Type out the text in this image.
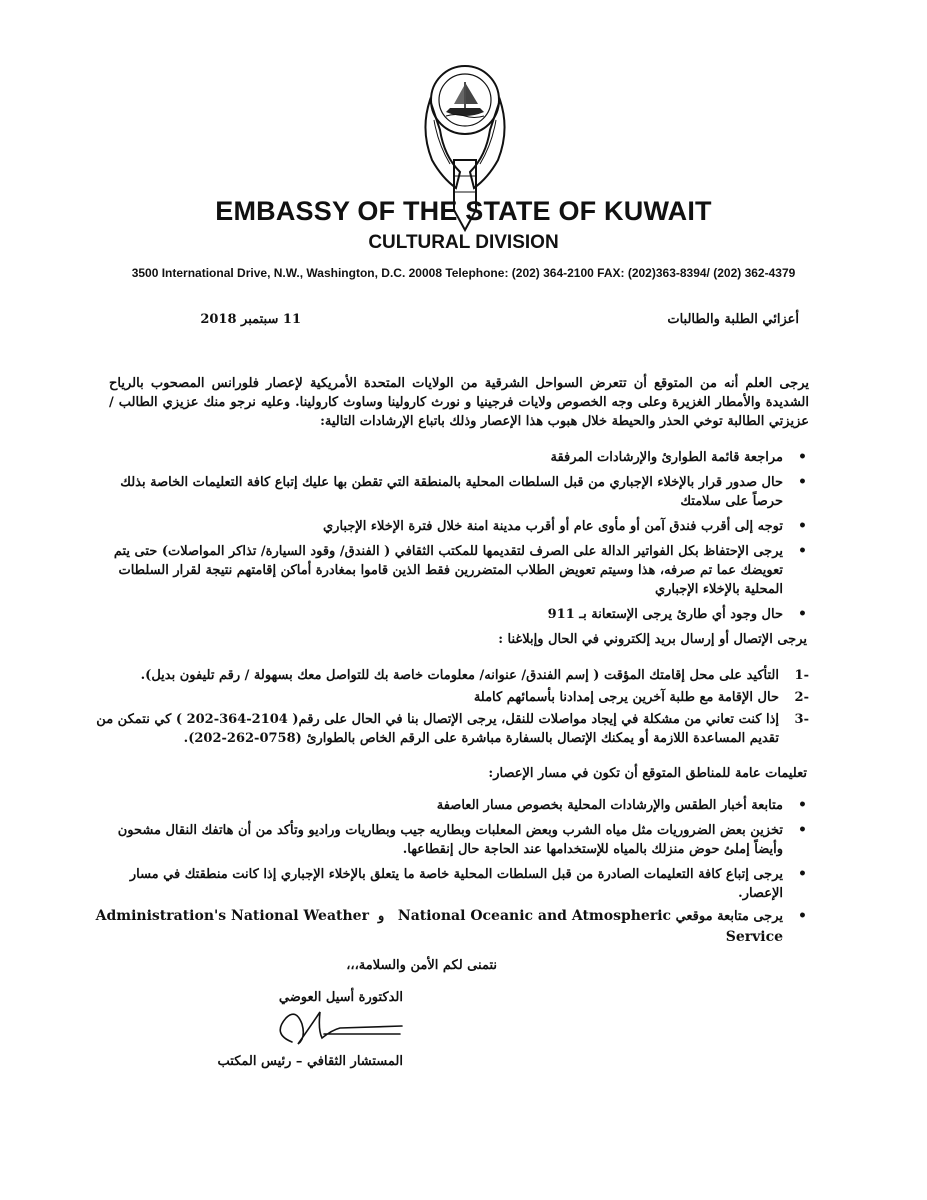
EMBASSY OF THE STATE OF KUWAIT
CULTURAL DIVISION
3500 International Drive, N.W., Washington, D.C. 20008 Telephone: (202) 364-2100 FAX: (202)363-8394/ (202) 362-4379
أعزائي الطلبة والطالبات
11 سبتمبر 2018
يرجى العلم أنه من المتوقع أن تتعرض السواحل الشرقية من الولايات المتحدة الأمريكية لإعصار فلورانس المصحوب بالرياح الشديدة والأمطار الغزيرة وعلى وجه الخصوص ولايات فرجينيا و نورث كارولينا وساوث كارولينا. وعليه نرجو منك عزيزي الطالب /عزيزتي الطالبة توخي الحذر والحيطة خلال هبوب هذا الإعصار وذلك باتباع الإرشادات التالية:
• مراجعة قائمة الطوارئ والإرشادات المرفقة
• حال صدور قرار بالإخلاء الإجباري من قبل السلطات المحلية بالمنطقة التي تقطن بها عليك إتباع كافة التعليمات الخاصة بذلك حرصاً على سلامتك
• توجه إلى أقرب فندق آمن أو مأوى عام أو أقرب مدينة امنة خلال فترة الإخلاء الإجباري
• يرجى الإحتفاظ بكل الفواتير الدالة على الصرف لتقديمها للمكتب الثقافي ( الفندق/ وقود السيارة/ تذاكر المواصلات) حتى يتم تعويضك عما تم صرفه، هذا وسيتم تعويض الطلاب المتضررين فقط الذين قاموا بمغادرة أماكن إقامتهم نتيجة لقرار السلطات المحلية بالإخلاء الإجباري
• حال وجود أي طارئ يرجى الإستعانة بـ 911
يرجى الإتصال أو إرسال بريد إلكتروني في الحال وإبلاغنا :
-1
التأكيد على محل إقامتك المؤقت ( إسم الفندق/ عنوانه/ معلومات خاصة بك للتواصل معك بسهولة / رقم تليفون بديل).
-2
حال الإقامة مع طلبة آخرين يرجى إمدادنا بأسمائهم كاملة
-3
إذا كنت تعاني من مشكلة في إيجاد مواصلات للنقل، يرجى الإتصال بنا في الحال على رقم( 2104-364-202 ) كي نتمكن من تقديم المساعدة اللازمة أو يمكنك الإتصال بالسفارة مباشرة على الرقم الخاص بالطوارئ (0758-262-202).
تعليمات عامة للمناطق المتوقع أن تكون في مسار الإعصار:
• متابعة أخبار الطقس والإرشادات المحلية بخصوص مسار العاصفة
• تخزين بعض الضروريات مثل مياه الشرب وبعض المعلبات وبطاريه جيب وبطاريات وراديو وتأكد من أن هاتفك النقال مشحون وأيضاً إملئ حوض منزلك بالمياه للإستخدامها عند الحاجة حال إنقطاعها.
• يرجى إتباع كافة التعليمات الصادرة من قبل السلطات المحلية خاصة ما يتعلق بالإخلاء الإجباري إذا كانت منطقتك في مسار الإعصار.
•
يرجى متابعة موقعي National Oceanic and Atmospheric   و  Administration's National Weather Service
نتمنى لكم الأمن والسلامة،،،
الدكتورة أسيل العوضي
المستشار الثقافي – رئيس المكتب
